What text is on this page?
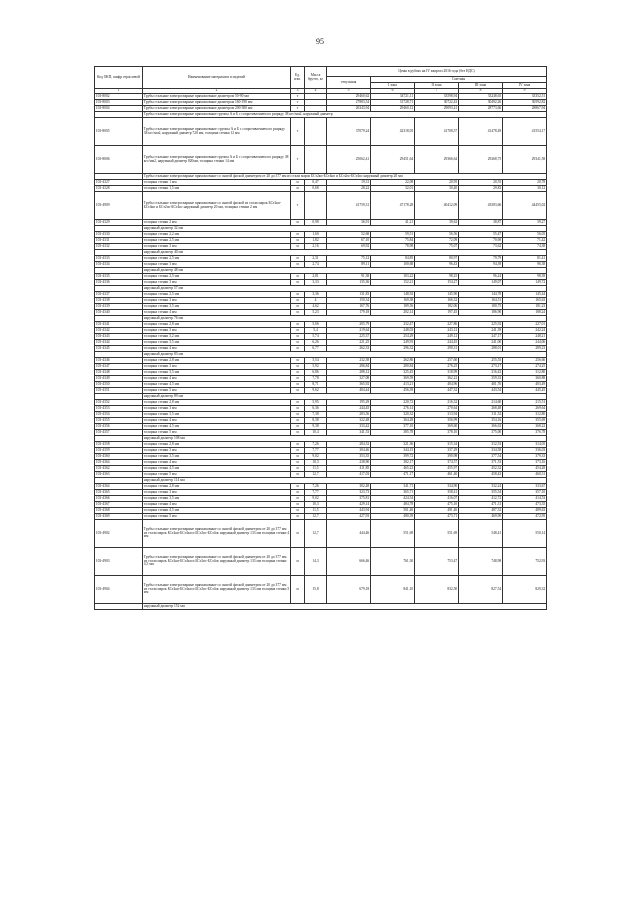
95
Код ОКП, шифр отраслевой	Наименование материалов и изделий	Ед. изм.	Масса брутто, кг	Цены в рублях на IV квартал 2016 года (без НДС)				
				отпускная	Сметная			
					I зона	II зона	III зона	IV зона
1	2	3	4	5	6	7	8	9
103-8002	Трубы стальные электросварные прямошовные диаметром 50-90 мм	т		29460,62	34721,11	33598,94	33248,65	33352,51
103-8003	Трубы стальные электросварные прямошовные диаметром 160-190 мм	т		27883,54	31728,71	30722,43	30492,26	30592,82
103-8004	Трубы стальные электросварные прямошовные диаметром 200-300 мм	т		26343,94	29460,12	29093,41	28773,66	28867,94
	Трубы стальные электросварные прямошовные группы А и Б с сопротивлением по разряду 38 кгс/мм2, наружный диаметр							
103-8005	Трубы стальные электросварные прямошовные: группы А и Б с сопротивлением по разряду 38 кгс/мм2, наружный диаметр 720 мм, толщина стенки 12 мм	т		37079,24	42318,05	41708,57	41478,49	41554,17
103-8006	Трубы стальные электросварные прямошовные группы А и Б с сопротивлением по разряду 38 кгс/мм2, наружный диаметр 820мм, толщина стенки 14 мм	т		25062,41	29451,64	29366,64	29268,75	29341,58
	Трубы стальные электросварные прямошовные со снятой фаской диаметром от 20 до 377 мм из стали марок БСт2кп-БСт4кп и БСт2пс-БСт4пс наружный диаметр 20 мм							
103-4327	толщина стенки 1 мм	м	0,47	19,31	22,08	20,95	20,55	20,78
103-4328	толщина стенки 1,5 мм	м	0,68	28,22	32,01	30,40	29,83	30,12
103-4909	Трубы стальные электросварные прямошовные со снятой фаской из стали марок БСт2кп-БСт4кп и БСт2пс-БСт4пс наружный диаметр 20 мм, толщина стенки 2 мм	т		41759,31	47178,28	40412,09	43583,66	44455,02
103-4329	толщина стенки 2 мм	м	0,98	36,91	41,21	39,62	38,87	39,27
	наружный диаметр 32 мм							
103-4330	толщина стенки 2,2 мм	м	1,60	52,68	59,51	56,56	55,47	56,05
103-4331	толщина стенки 2,5 мм	м	1,82	67,10	75,84	72,09	70,69	71,42
103-4332	толщина стенки 3 мм	м	2,16	69,92	78,98	75,07	73,62	74,38
	наружный диаметр 40 мм							
103-4333	толщина стенки 2,5 мм	м	2,31	75,12	84,85	80,97	79,79	81,41
103-4334	толщина стенки 3 мм	м	2,74	89,11	100,68	96,43	94,39	96,38
	наружный диаметр 48 мм							
103-4335	толщина стенки 2,5 мм	м	2,81	91,38	103,22	98,25	96,24	98,39
103-4336	толщина стенки 3 мм	м	3,33	135,36	152,21	154,27	149,07	149,72
	наружный диаметр 57 мм							
103-4337	толщина стенки 2,5 мм	м	3,36	131,83	148,92	145,90	144,78	145,44
103-4338	толщина стенки 3 мм	м	4	150,34	169,38	166,32	164,51	165,63
103-4339	толщина стенки 3,5 мм	м	4,62	167,76	189,56	182,06	180,75	181,23
103-4340	толщина стенки 4 мм	м	5,23	179,18	202,14	197,45	186,90	188,24
	наружный диаметр 76 мм							
103-4341	толщина стенки 2,8 мм	м	5,06	205,79	232,47	227,86	225,92	227,01
103-4342	толщина стенки 3 мм	м	5,4	219,64	248,03	243,12	241,39	242,24
103-4343	толщина стенки 3,2 мм	м	5,74	225,37	254,29	249,12	247,17	248,21
103-4344	толщина стенки 3,5 мм	м	6,26	221,25	249,93	244,45	241,00	244,06
103-4345	толщина стенки 4 мм	м	6,77	262,33	296,32	290,31	288,01	289,23
	наружный диаметр 83 мм							
103-4346	толщина стенки 2,8 мм	м	5,54	232,58	262,86	257,60	255,55	256,66
103-4347	толщина стенки 3 мм	м	5,92	286,84	280,84	276,25	273,17	274,25
103-4348	толщина стенки 3,5 мм	м	6,86	288,12	325,45	318,99	316,43	312,80
103-4349	толщина стенки 4 мм	м	7,78	327,08	369,59	362,22	359,33	360,88
103-4350	толщина стенки 4,5 мм	м	8,71	365,92	413,21	404,96	401,76	403,49
103-4351	толщина стенки 5 мм	м	9,62	404,44	456,39	447,32	443,54	445,45
	наружный диаметр 89 мм							
103-4352	толщина стенки 2,8 мм	м	5,95	195,29	220,72	216,32	214,60	215,51
103-4353	толщина стенки 3 мм	м	6,36	244,45	276,14	270,64	268,48	269,64
103-4354	толщина стенки 3,5 мм	м	7,38	283,56	320,32	313,94	311,52	312,80
103-4355	толщина стенки 4 мм	м	8,38	322,48	364,28	356,99	354,16	355,69
103-4356	толщина стенки 4,5 мм	м	9,38	333,42	377,10	369,60	366,63	368,22
103-4357	толщина стенки 5 мм	м	10,4	341,53	385,78	378,10	375,00	376,78
	наружный диаметр 108 мм							
103-4358	толщина стенки 2,8 мм	м	7,26	284,52	321,36	315,34	312,53	314,05
103-4359	толщина стенки 3 мм	м	7,77	304,46	344,15	337,29	334,58	336,03
103-4360	толщина стенки 3,5 мм	м	9,02	353,35	399,72	390,98	377,54	379,33
103-4364	толщина стенки 4 мм	м	10,3	238,90	382,17	374,57	371,53	373,16
103-4362	толщина стенки 4,5 мм	м	11,5	411,85	465,23	455,97	452,32	454,28
103-4363	толщина стенки 5 мм	м	12,7	417,03	471,17	461,40	458,43	460,31
	наружный диаметр 114 мм							
103-4364	толщина стенки 2,8 мм	м	7,26	302,48	341,71	334,90	332,24	333,67
103-4365	толщина стенки 3 мм	м	7,77	323,73	365,71	358,41	355,54	357,10
103-4366	толщина стенки 3,5 мм	м	9,02	375,81	424,54	416,07	412,72	414,53
103-4367	толщина стенки 4 мм	м	10,3	429,14	484,78	475,10	471,31	473,35
103-4368	толщина стенки 4,5 мм	м	11,5	443,94	501,46	491,46	487,52	489,63
103-4369	толщина стенки 5 мм	м	12,7	427,93	480,39	473,71	469,90	472,95
103-4902	Трубы стальные электросварные прямошовные со снятой фаской диаметром от 20 до 377 мм из стали марок БСт2кп-БСт4кп и БСт2пс-БСт4пс наружный диаметр 133 мм толщина стенки 4 мм	м	12,7	444,46	551,69	551,69	548,41	550,14
103-4903	Трубы стальные электросварные прямошовные со снятой фаской диаметром от 20 до 377 мм из стали марок БСт2кп-БСт4кп и БСт2пс-БСт4пс наружный диаметр 133 мм толщина стенки 4,5 мм	м	14,3	666,46	761,30	753,47	748,98	752,93
103-4904	Трубы стальные электросварные прямошовные со снятой фаской диаметром от 20 до 377 мм из стали марок БСт2кп-БСт4кп и БСт2пс-БСт4пс наружный диаметр 133 мм толщина стенки 5 мм	м	15,8	679,18	841,10	832,50	827,54	829,32
	наружный диаметр 152 мм							
